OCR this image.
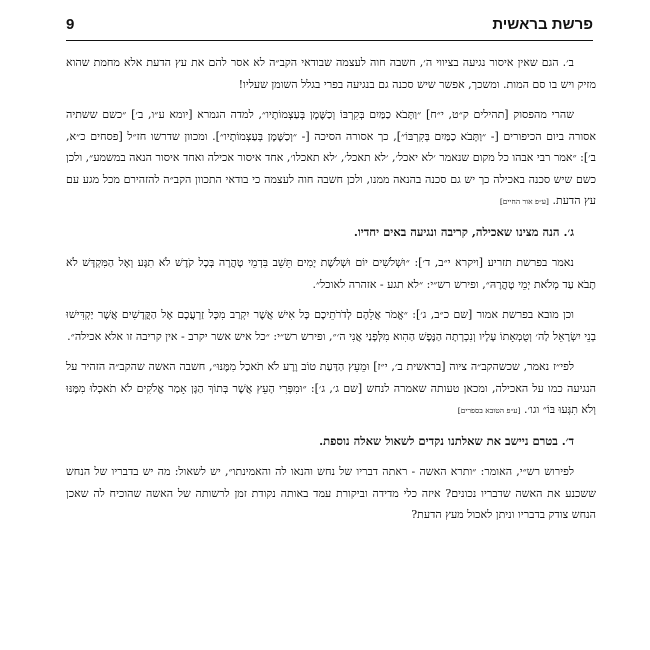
פרשת בראשית
9

ב׳. הגם שאין איסור נגיעה בציווי ה׳, חשבה חוה לעצמה שבודאי הקב״ה לא אסר להם את עץ הדעת אלא מחמת שהוא מזיק ויש בו סם המות. ומשכך, אפשר שיש סכנה גם בנגיעה בפרי בגלל השומן שעליו!

שהרי מהפסוק [תהילים ק״ט, י״ח] ״וַתָּבֹא כַמַּיִם בְּקִרְבּוֹ וְכַשֶּׁמֶן בְּעַצְמוֹתָיו״, למדה הגמרא [יומא ע״ו, ב׳] ״כשם ששתיה אסורה ביום הכיפורים [- ״וַתָּבֹא כַמַּיִם בְּקִרְבּוֹ״], כך אסורה הסיכה [- ״וְכַשֶּׁמֶן בְּעַצְמוֹתָיו״]. ומכוון שדרשו חז״ל [פסחים כ״א, ב׳]: ״אמר רבי אבהו כל מקום שנאמר ׳לא יאכל׳, ׳לא תאכל׳, ׳לא תאכלו׳, אחד איסור אכילה ואחד איסור הנאה במשמע״, ולכן כשם שיש סכנה באכילה כך יש גם סכנה בהנאה ממנו, ולכן חשבה חוה לעצמה כי בודאי התכוון הקב״ה להזהירם מכל מגע עם עץ הדעת. [ע״פ אור החיים]

ג׳. הנה מצינו שאכילה, קריבה ונגיעה באים יחדיו.

נאמר בפרשת תזריע [ויקרא י״ב, ד׳]: ״וּשְׁלֹשִׁים יוֹם וּשְׁלֹשֶׁת יָמִים תֵּשֵׁב בִּדְמֵי טָהֳרָה בְּכָל קֹדֶשׁ לֹא תִגָּע וְאֶל הַמִּקְדָּשׁ לֹא תָבֹא עַד מְלֹאת יְמֵי טָהֳרָהּ״, ופירש רש״י: ״לא תגע - אזהרה לאוכל״.

וכן מובא בפרשת אמור [שם כ״ב, ג׳]: ״אֱמֹר אֲלֵהֶם לְדֹרֹתֵיכֶם כָּל אִישׁ אֲשֶׁר יִקְרַב מִכָּל זַרְעֲכֶם אֶל הַקֳּדָשִׁים אֲשֶׁר יַקְדִּישׁוּ בְנֵי יִשְׂרָאֵל לַה׳ וְטֻמְאָתוֹ עָלָיו וְנִכְרְתָה הַנֶּפֶשׁ הַהִוא מִלְּפָנַי אֲנִי ה׳״, ופירש רש״י: ״כל איש אשר יקרב - אין קריבה זו אלא אכילה״.

לפי״ז נאמר, שכשהקב״ה ציוה [בראשית ב׳, י״ז] וּמֵעֵץ הַדַּעַת טוֹב וָרָע לֹא תֹאכַל מִמֶּנּוּ״, חשבה האשה שהקב״ה הזהיר על הנגיעה כמו על האכילה, ומכאן טעותה שאמרה לנחש [שם ג׳, ג׳]: ״וּמִפְּרִי הָעֵץ אֲשֶׁר בְּתוֹךְ הַגָּן אָמַר אֱלֹקִים לֹא תֹאכְלוּ מִמֶּנּוּ וְלֹא תִגְּעוּ בּוֹ״ וגו׳. [ע״פ הטובא בספרים]

ד׳. בטרם ניישב את שאלתנו נקדים לשאול שאלה נוספת.

לפירוש רש״י, האומר: ״ותרא האשה - ראתה דבריו של נחש והנאו לה והאמינתו״, יש לשאול: מה יש בדבריו של הנחש ששכנע את האשה שדבריו נכונים? איזה כלי מדידה וביקורת עמד באותה נקודת זמן לרשותה של האשה שהוכיח לה שאכן הנחש צודק בדבריו וניתן לאכול מעץ הדעת?
